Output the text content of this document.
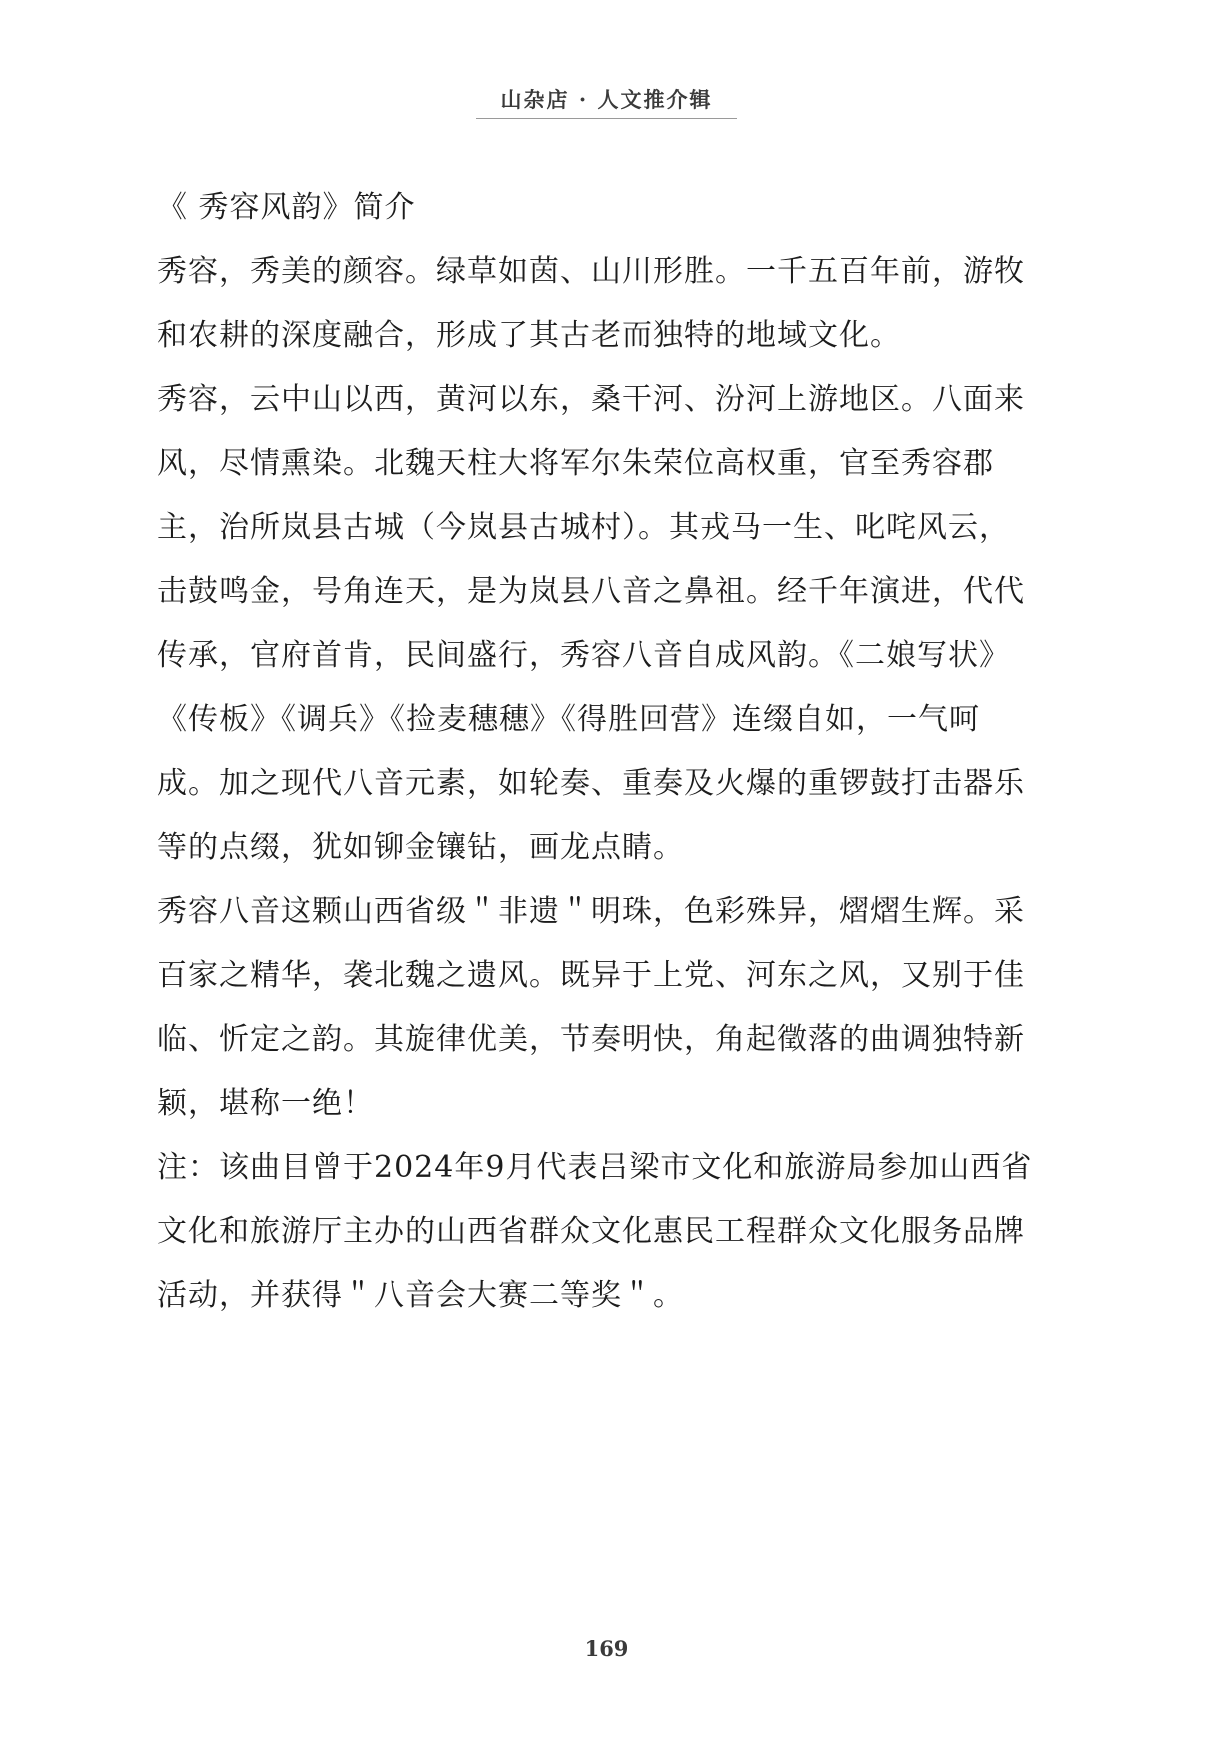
山杂店 · 人文推介辑
《 秀容风韵》简介
秀容，秀美的颜容。绿草如茵、山川形胜。一千五百年前，游牧
和农耕的深度融合，形成了其古老而独特的地域文化。
秀容，云中山以西，黄河以东，桑干河、汾河上游地区。八面来
风，尽情熏染。北魏天柱大将军尔朱荣位高权重，官至秀容郡
主，治所岚县古城（今岚县古城村）。其戎马一生、叱咤风云，
击鼓鸣金，号角连天，是为岚县八音之鼻祖。经千年演进，代代
传承，官府首肯，民间盛行，秀容八音自成风韵。《二娘写状》
《传板》《调兵》《捡麦穗穗》《得胜回营》连缀自如，一气呵
成。加之现代八音元素，如轮奏、重奏及火爆的重锣鼓打击器乐
等的点缀，犹如铆金镶钻，画龙点睛。
秀容八音这颗山西省级＂非遗＂明珠，色彩殊异，熠熠生辉。采
百家之精华，袭北魏之遗风。既异于上党、河东之风，又别于佳
临、忻定之韵。其旋律优美，节奏明快，角起徵落的曲调独特新
颖，堪称一绝！
注：该曲目曾于2024年9月代表吕梁市文化和旅游局参加山西省
文化和旅游厅主办的山西省群众文化惠民工程群众文化服务品牌
活动，并获得＂八音会大赛二等奖＂。
169
